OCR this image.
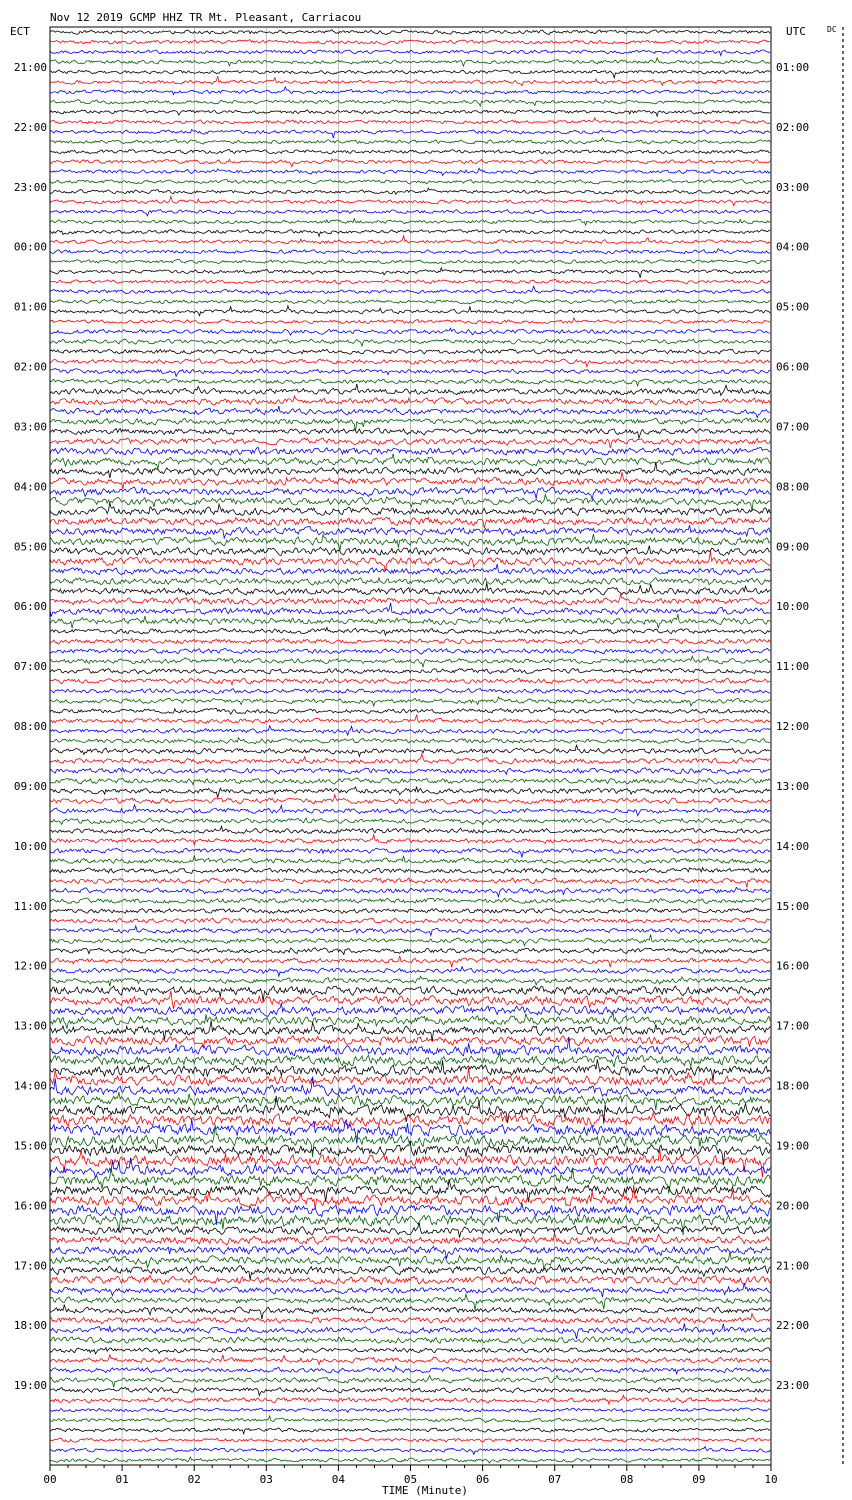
Nov 12 2019 GCMP HHZ TR Mt. Pleasant, Carriacou
ECT	UTC	DC
TIME (Minute)
00	01	02	03	04	05	06	07	08	09	10
21:00	01:00
22:00	02:00
23:00	03:00
00:00	04:00
01:00	05:00
02:00	06:00
03:00	07:00
04:00	08:00
05:00	09:00
06:00	10:00
07:00	11:00
08:00	12:00
09:00	13:00
10:00	14:00
11:00	15:00
12:00	16:00
13:00	17:00
14:00	18:00
15:00	19:00
16:00	20:00
17:00	21:00
18:00	22:00
19:00	23:00
